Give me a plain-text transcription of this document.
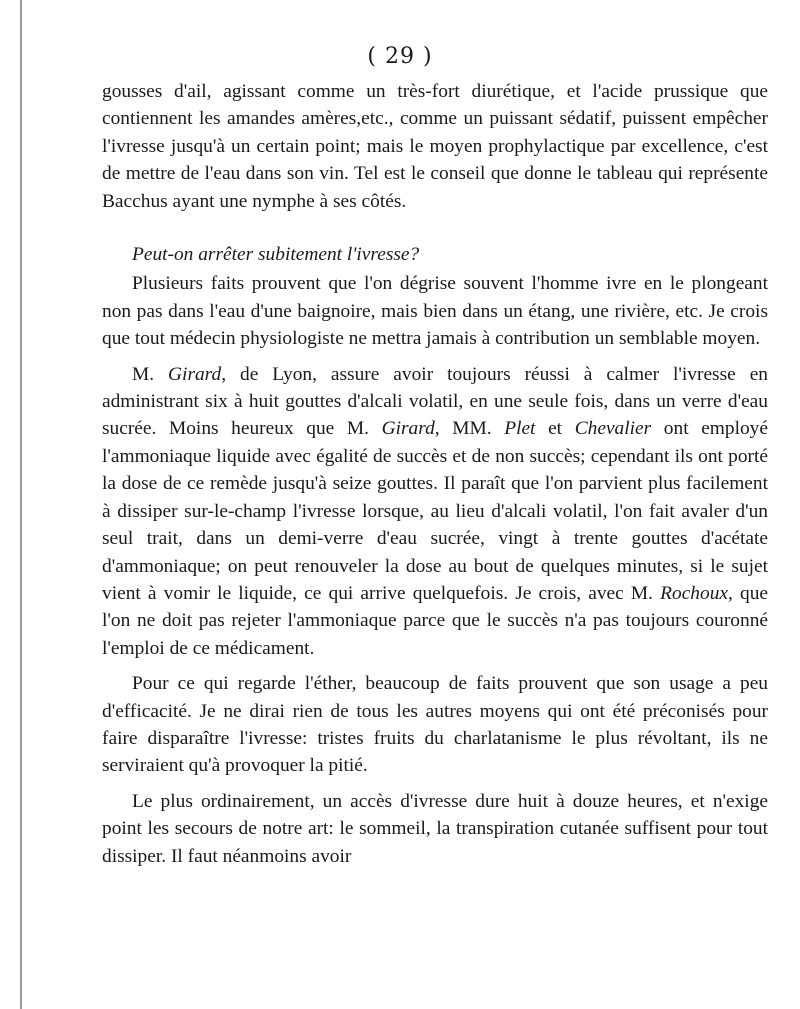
( 29 )

gousses d'ail, agissant comme un très-fort diurétique, et l'acide prussique que contiennent les amandes amères,etc., comme un puissant sédatif, puissent empêcher l'ivresse jusqu'à un certain point; mais le moyen prophylactique par excellence, c'est de mettre de l'eau dans son vin. Tel est le conseil que donne le tableau qui représente Bacchus ayant une nymphe à ses côtés.

Peut-on arrêter subitement l'ivresse?

Plusieurs faits prouvent que l'on dégrise souvent l'homme ivre en le plongeant non pas dans l'eau d'une baignoire, mais bien dans un étang, une rivière, etc. Je crois que tout médecin physiologiste ne mettra jamais à contribution un semblable moyen.

M. Girard, de Lyon, assure avoir toujours réussi à calmer l'ivresse en administrant six à huit gouttes d'alcali volatil, en une seule fois, dans un verre d'eau sucrée. Moins heureux que M. Girard, MM. Plet et Chevalier ont employé l'ammoniaque liquide avec égalité de succès et de non succès; cependant ils ont porté la dose de ce remède jusqu'à seize gouttes. Il paraît que l'on parvient plus facilement à dissiper sur-le-champ l'ivresse lorsque, au lieu d'alcali volatil, l'on fait avaler d'un seul trait, dans un demi-verre d'eau sucrée, vingt à trente gouttes d'acétate d'ammoniaque; on peut renouveler la dose au bout de quelques minutes, si le sujet vient à vomir le liquide, ce qui arrive quelquefois. Je crois, avec M. Rochoux, que l'on ne doit pas rejeter l'ammoniaque parce que le succès n'a pas toujours couronné l'emploi de ce médicament.

Pour ce qui regarde l'éther, beaucoup de faits prouvent que son usage a peu d'efficacité. Je ne dirai rien de tous les autres moyens qui ont été préconisés pour faire disparaître l'ivresse: tristes fruits du charlatanisme le plus révoltant, ils ne serviraient qu'à provoquer la pitié.

Le plus ordinairement, un accès d'ivresse dure huit à douze heures, et n'exige point les secours de notre art: le sommeil, la transpiration cutanée suffisent pour tout dissiper. Il faut néanmoins avoir
